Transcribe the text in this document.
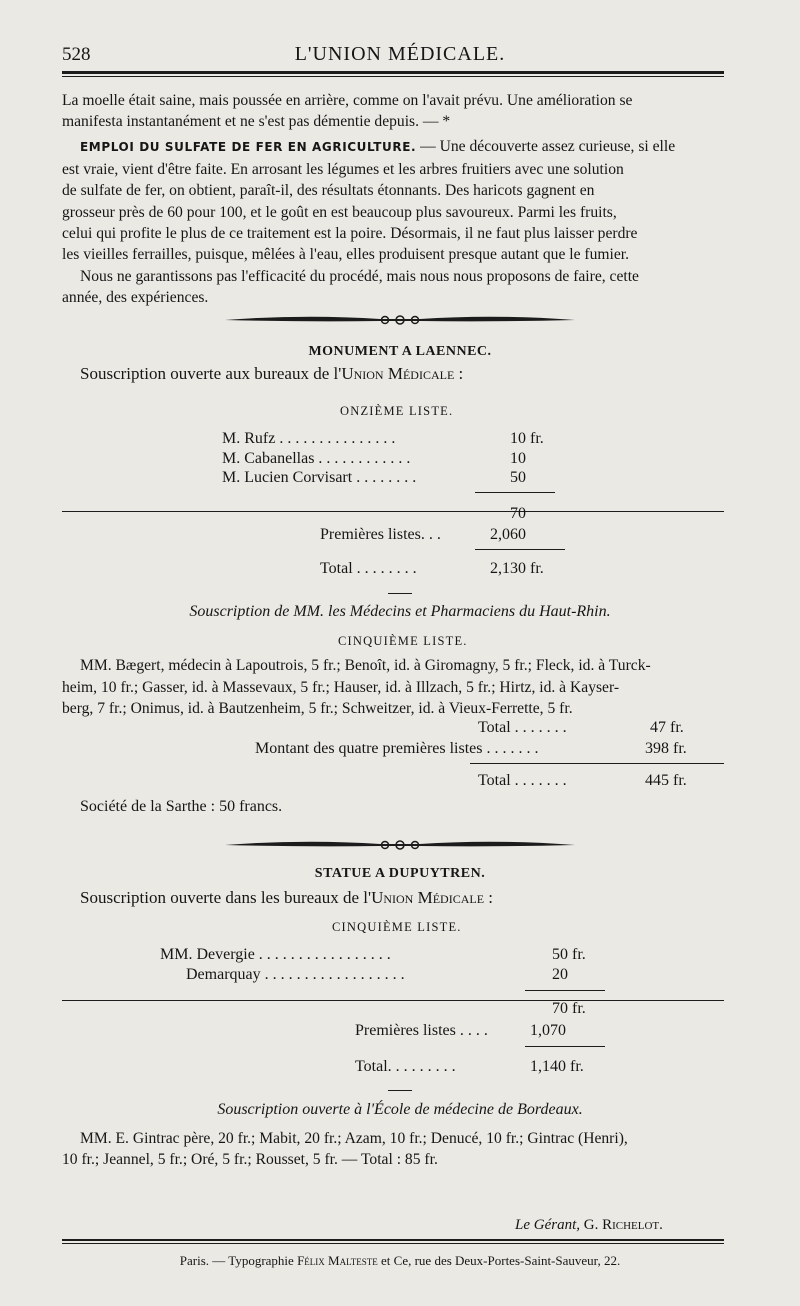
528	L'UNION MÉDICALE.
La moelle était saine, mais poussée en arrière, comme on l'avait prévu. Une amélioration se
manifesta instantanément et ne s'est pas démentie depuis. — *
EMPLOI DU SULFATE DE FER EN AGRICULTURE. — Une découverte assez curieuse, si elle
est vraie, vient d'être faite. En arrosant les légumes et les arbres fruitiers avec une solution
de sulfate de fer, on obtient, paraît-il, des résultats étonnants. Des haricots gagnent en
grosseur près de 60 pour 100, et le goût en est beaucoup plus savoureux. Parmi les fruits,
celui qui profite le plus de ce traitement est la poire. Désormais, il ne faut plus laisser perdre
les vieilles ferrailles, puisque, mêlées à l'eau, elles produisent presque autant que le fumier.
Nous ne garantissons pas l'efficacité du procédé, mais nous nous proposons de faire, cette
année, des expériences.
MONUMENT A LAENNEC.
Souscription ouverte aux bureaux de l'Union Médicale :
ONZIÈME LISTE.
M. Rufz . . . . . . . . . . . . . . .	10 fr.
M. Cabanellas . . . . . . . . . . . .	10
M. Lucien Corvisart . . . . . . . .	50
70
Premières listes. . .	2,060
Total . . . . . . . .	2,130 fr.
Souscription de MM. les Médecins et Pharmaciens du Haut-Rhin.
CINQUIÈME LISTE.
MM. Bægert, médecin à Lapoutrois, 5 fr.; Benoît, id. à Giromagny, 5 fr.; Fleck, id. à Turck-
heim, 10 fr.; Gasser, id. à Massevaux, 5 fr.; Hauser, id. à Illzach, 5 fr.; Hirtz, id. à Kayser-
berg, 7 fr.; Onimus, id. à Bautzenheim, 5 fr.; Schweitzer, id. à Vieux-Ferrette, 5 fr.
Total . . . . . . .	47 fr.
Montant des quatre premières listes . . . . . . .	398 fr.
Total . . . . . . .	445 fr.
Société de la Sarthe : 50 francs.
STATUE A DUPUYTREN.
Souscription ouverte dans les bureaux de l'Union Médicale :
CINQUIÈME LISTE.
MM. Devergie . . . . . . . . . . . . . . . . .	50 fr.
Demarquay . . . . . . . . . . . . . . . . . .	20
70 fr.
Premières listes . . . .	1,070
Total. . . . . . . . .	1,140 fr.
Souscription ouverte à l'École de médecine de Bordeaux.
MM. E. Gintrac père, 20 fr.; Mabit, 20 fr.; Azam, 10 fr.; Denucé, 10 fr.; Gintrac (Henri),
10 fr.; Jeannel, 5 fr.; Oré, 5 fr.; Rousset, 5 fr. — Total : 85 fr.
Le Gérant, G. Richelot.
Paris. — Typographie Félix Malteste et Ce, rue des Deux-Portes-Saint-Sauveur, 22.
